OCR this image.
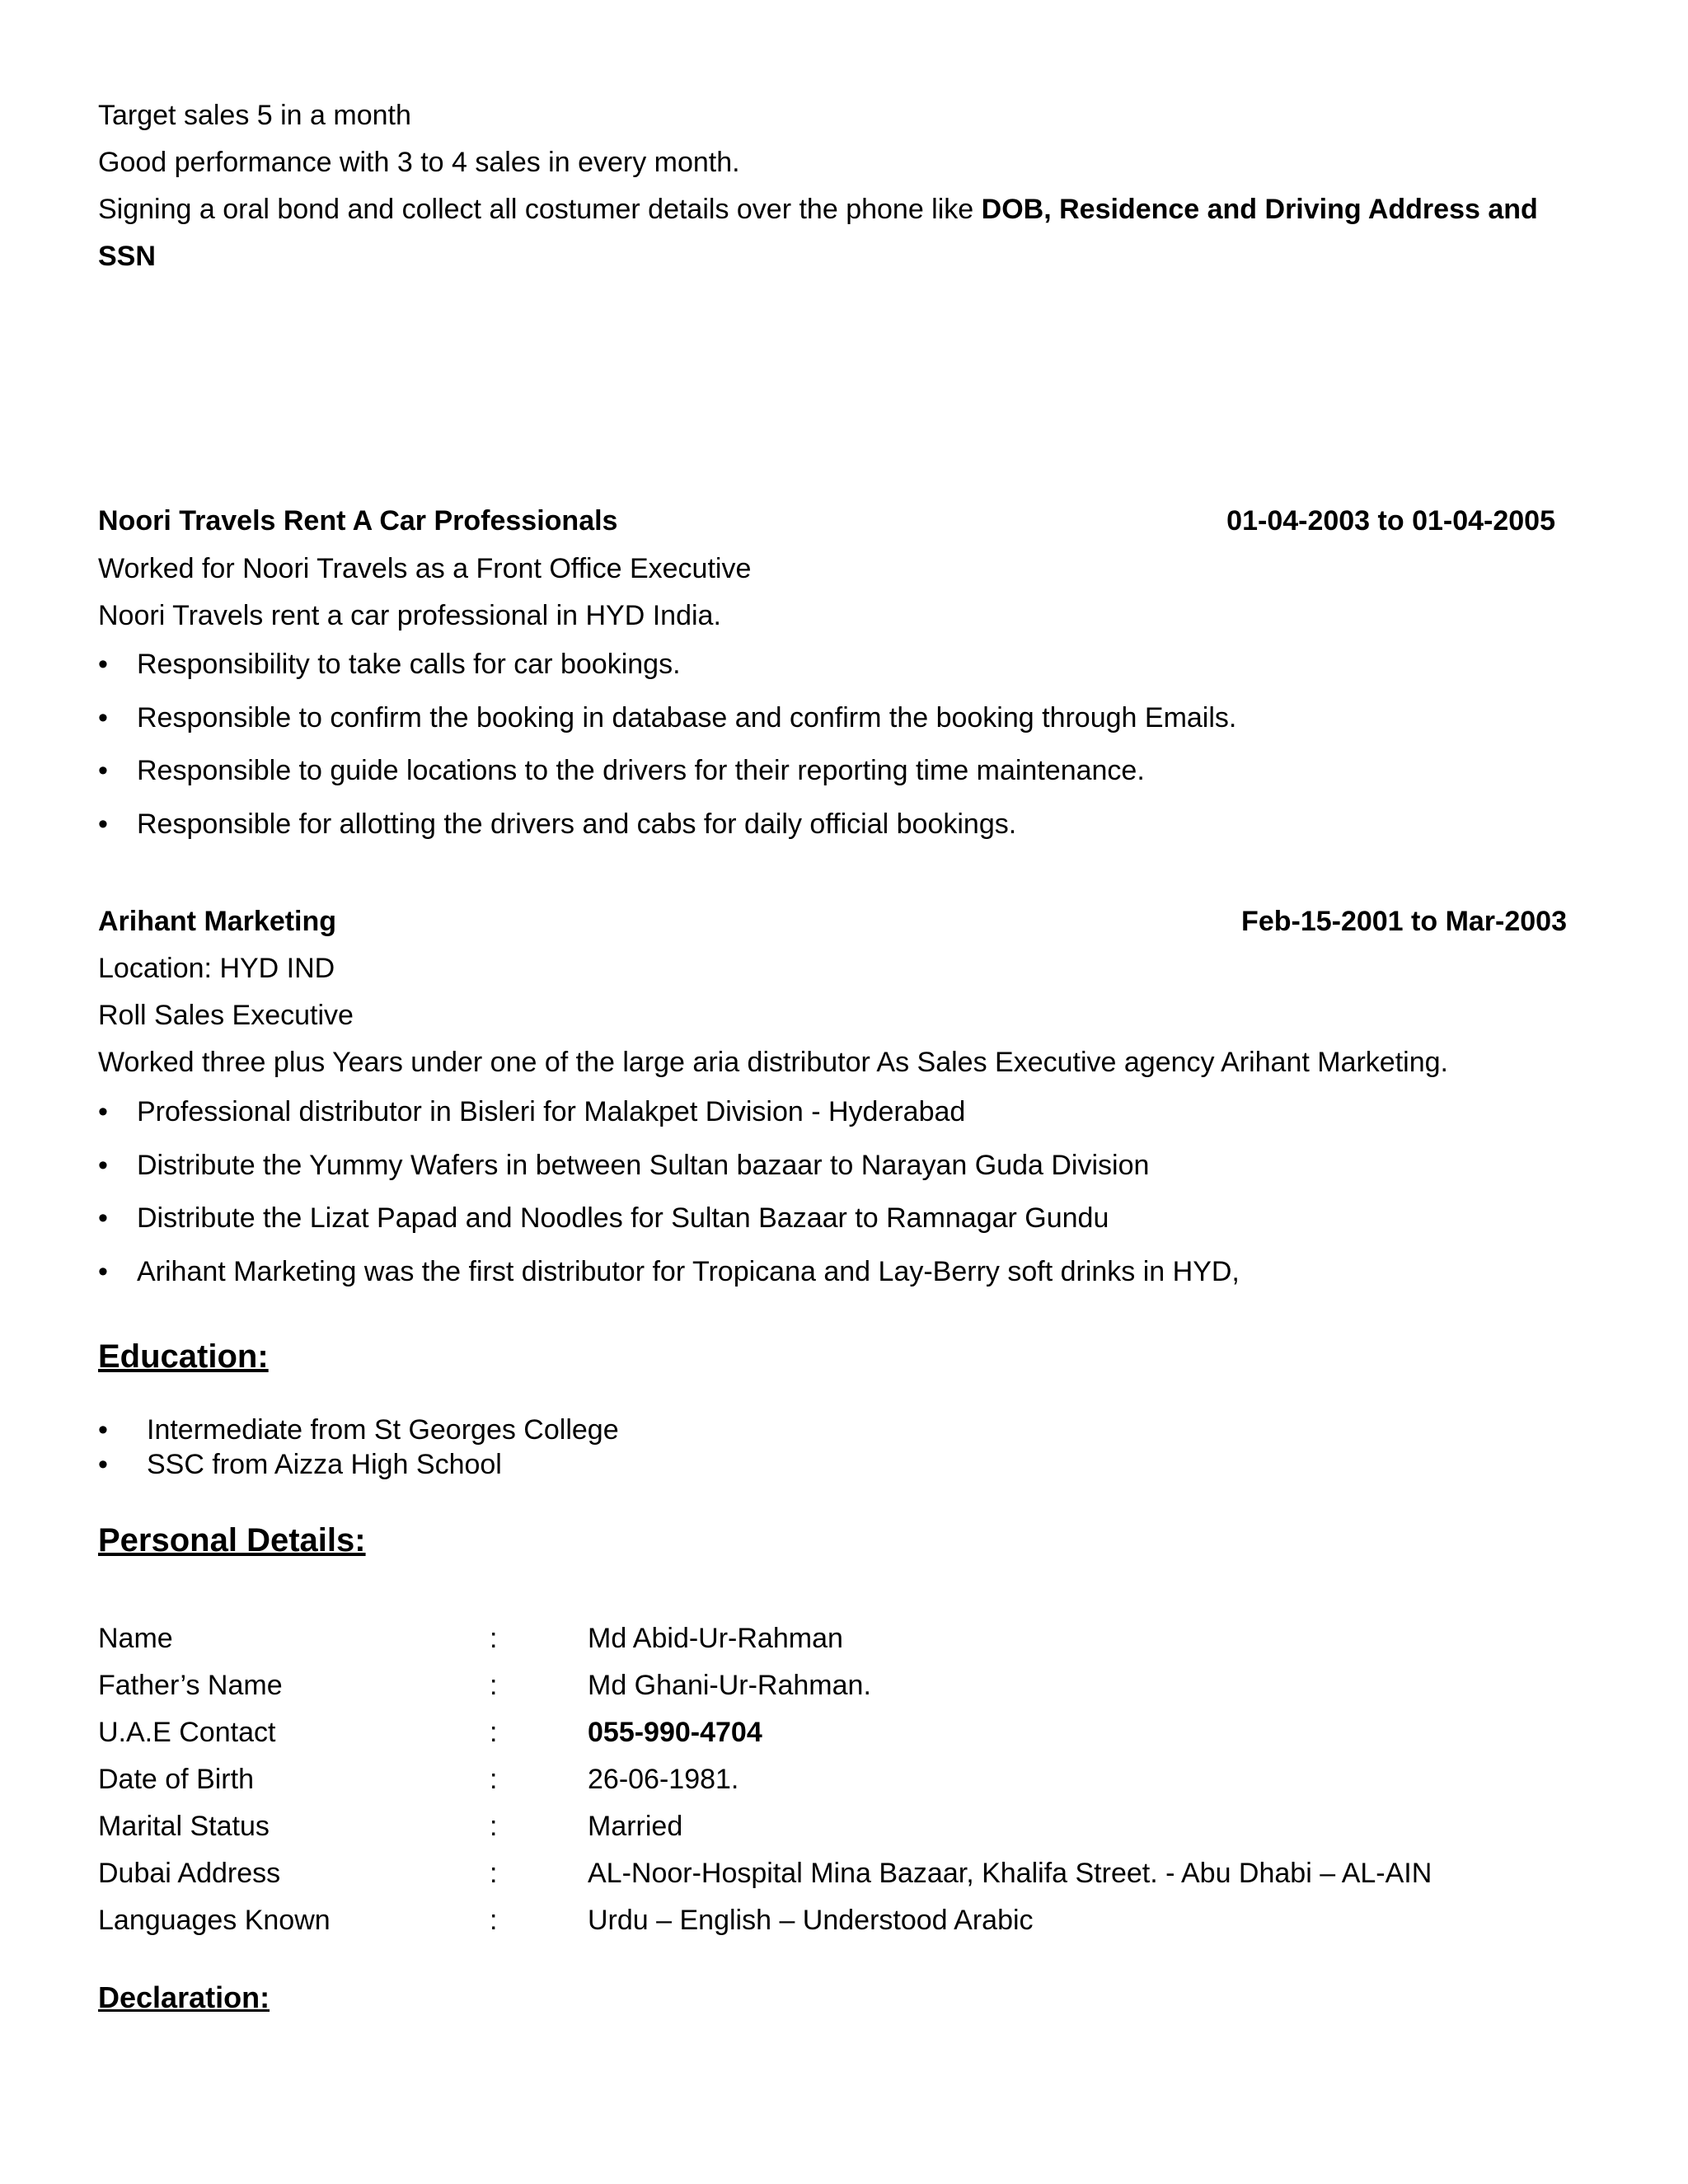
Target sales 5 in a month
Good performance with 3 to 4 sales in every month.
Signing a oral bond and collect all costumer details over the phone like DOB, Residence and Driving Address and
SSN
Noori Travels Rent A Car Professionals	01-04-2003 to 01-04-2005
Worked for Noori Travels as a Front Office Executive
Noori Travels rent a car professional in HYD India.
• Responsibility to take calls for car bookings.
• Responsible to confirm the booking in database and confirm the booking through Emails.
• Responsible to guide locations to the drivers for their reporting time maintenance.
• Responsible for allotting the drivers and cabs for daily official bookings.
Arihant Marketing	Feb-15-2001 to Mar-2003
Location: HYD IND
Roll Sales Executive
Worked three plus Years under one of the large aria distributor As Sales Executive agency Arihant Marketing.
• Professional distributor in Bisleri for Malakpet Division - Hyderabad
• Distribute the Yummy Wafers in between Sultan bazaar to Narayan Guda Division
• Distribute the Lizat Papad and Noodles for Sultan Bazaar to Ramnagar Gundu
• Arihant Marketing was the first distributor for Tropicana and Lay-Berry soft drinks in HYD,
Education:
• Intermediate from St Georges College
• SSC from Aizza High School
Personal Details:
Name	:	Md Abid-Ur-Rahman
Father’s Name	:	Md Ghani-Ur-Rahman.
U.A.E Contact	:	055-990-4704
Date of Birth	:	26-06-1981.
Marital Status	:	Married
Dubai Address	:	AL-Noor-Hospital Mina Bazaar, Khalifa Street. - Abu Dhabi – AL-AIN
Languages Known	:	Urdu – English – Understood Arabic
Declaration:
